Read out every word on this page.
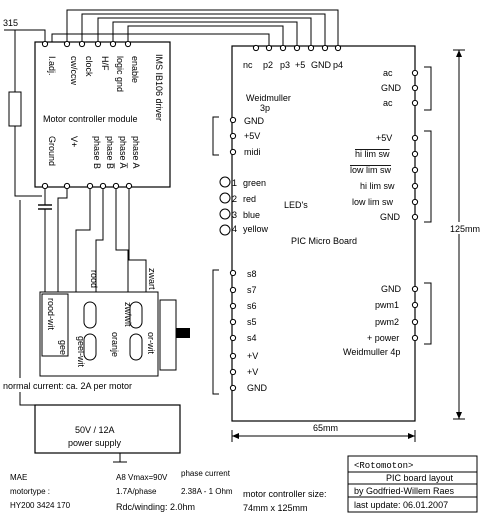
315
I.adj. cw/ccw clock H/F logic gnd enable IMS IB106 driver
Motor controller module
Ground V+ phase B phase B̅ phase A̅ phase A
rood-wit
geel
rood
geel-wit
zw/wit
or-wit
oranje
zwart
normal current: ca. 2A per motor
50V / 12A
power supply
MAE
motortype :
HY200 3424 170
A8 Vmax=90V
1.7A/phase
Rdc/winding: 2.0hm
phase current
2.38A - 1 Ohm motor controller size:
74mm x 125mm
nc p2 p3 +5 GND p4
Weidmuller
3p
GND
+5V
midi
ac
GND
ac
+5V
hi lim sw
low lim sw
hi lim sw
low lim sw
GND
1 green
2 red
3 blue
4 yellow
LED's
PIC Micro Board
s8
s7
s6
s5
s4
+V
+V
GND
GND
pwm1
pwm2
+ power
Weidmuller 4p
125mm
65mm
<Rotomoton>
PIC board layout
by Godfried-Willem Raes
last update: 06.01.2007
